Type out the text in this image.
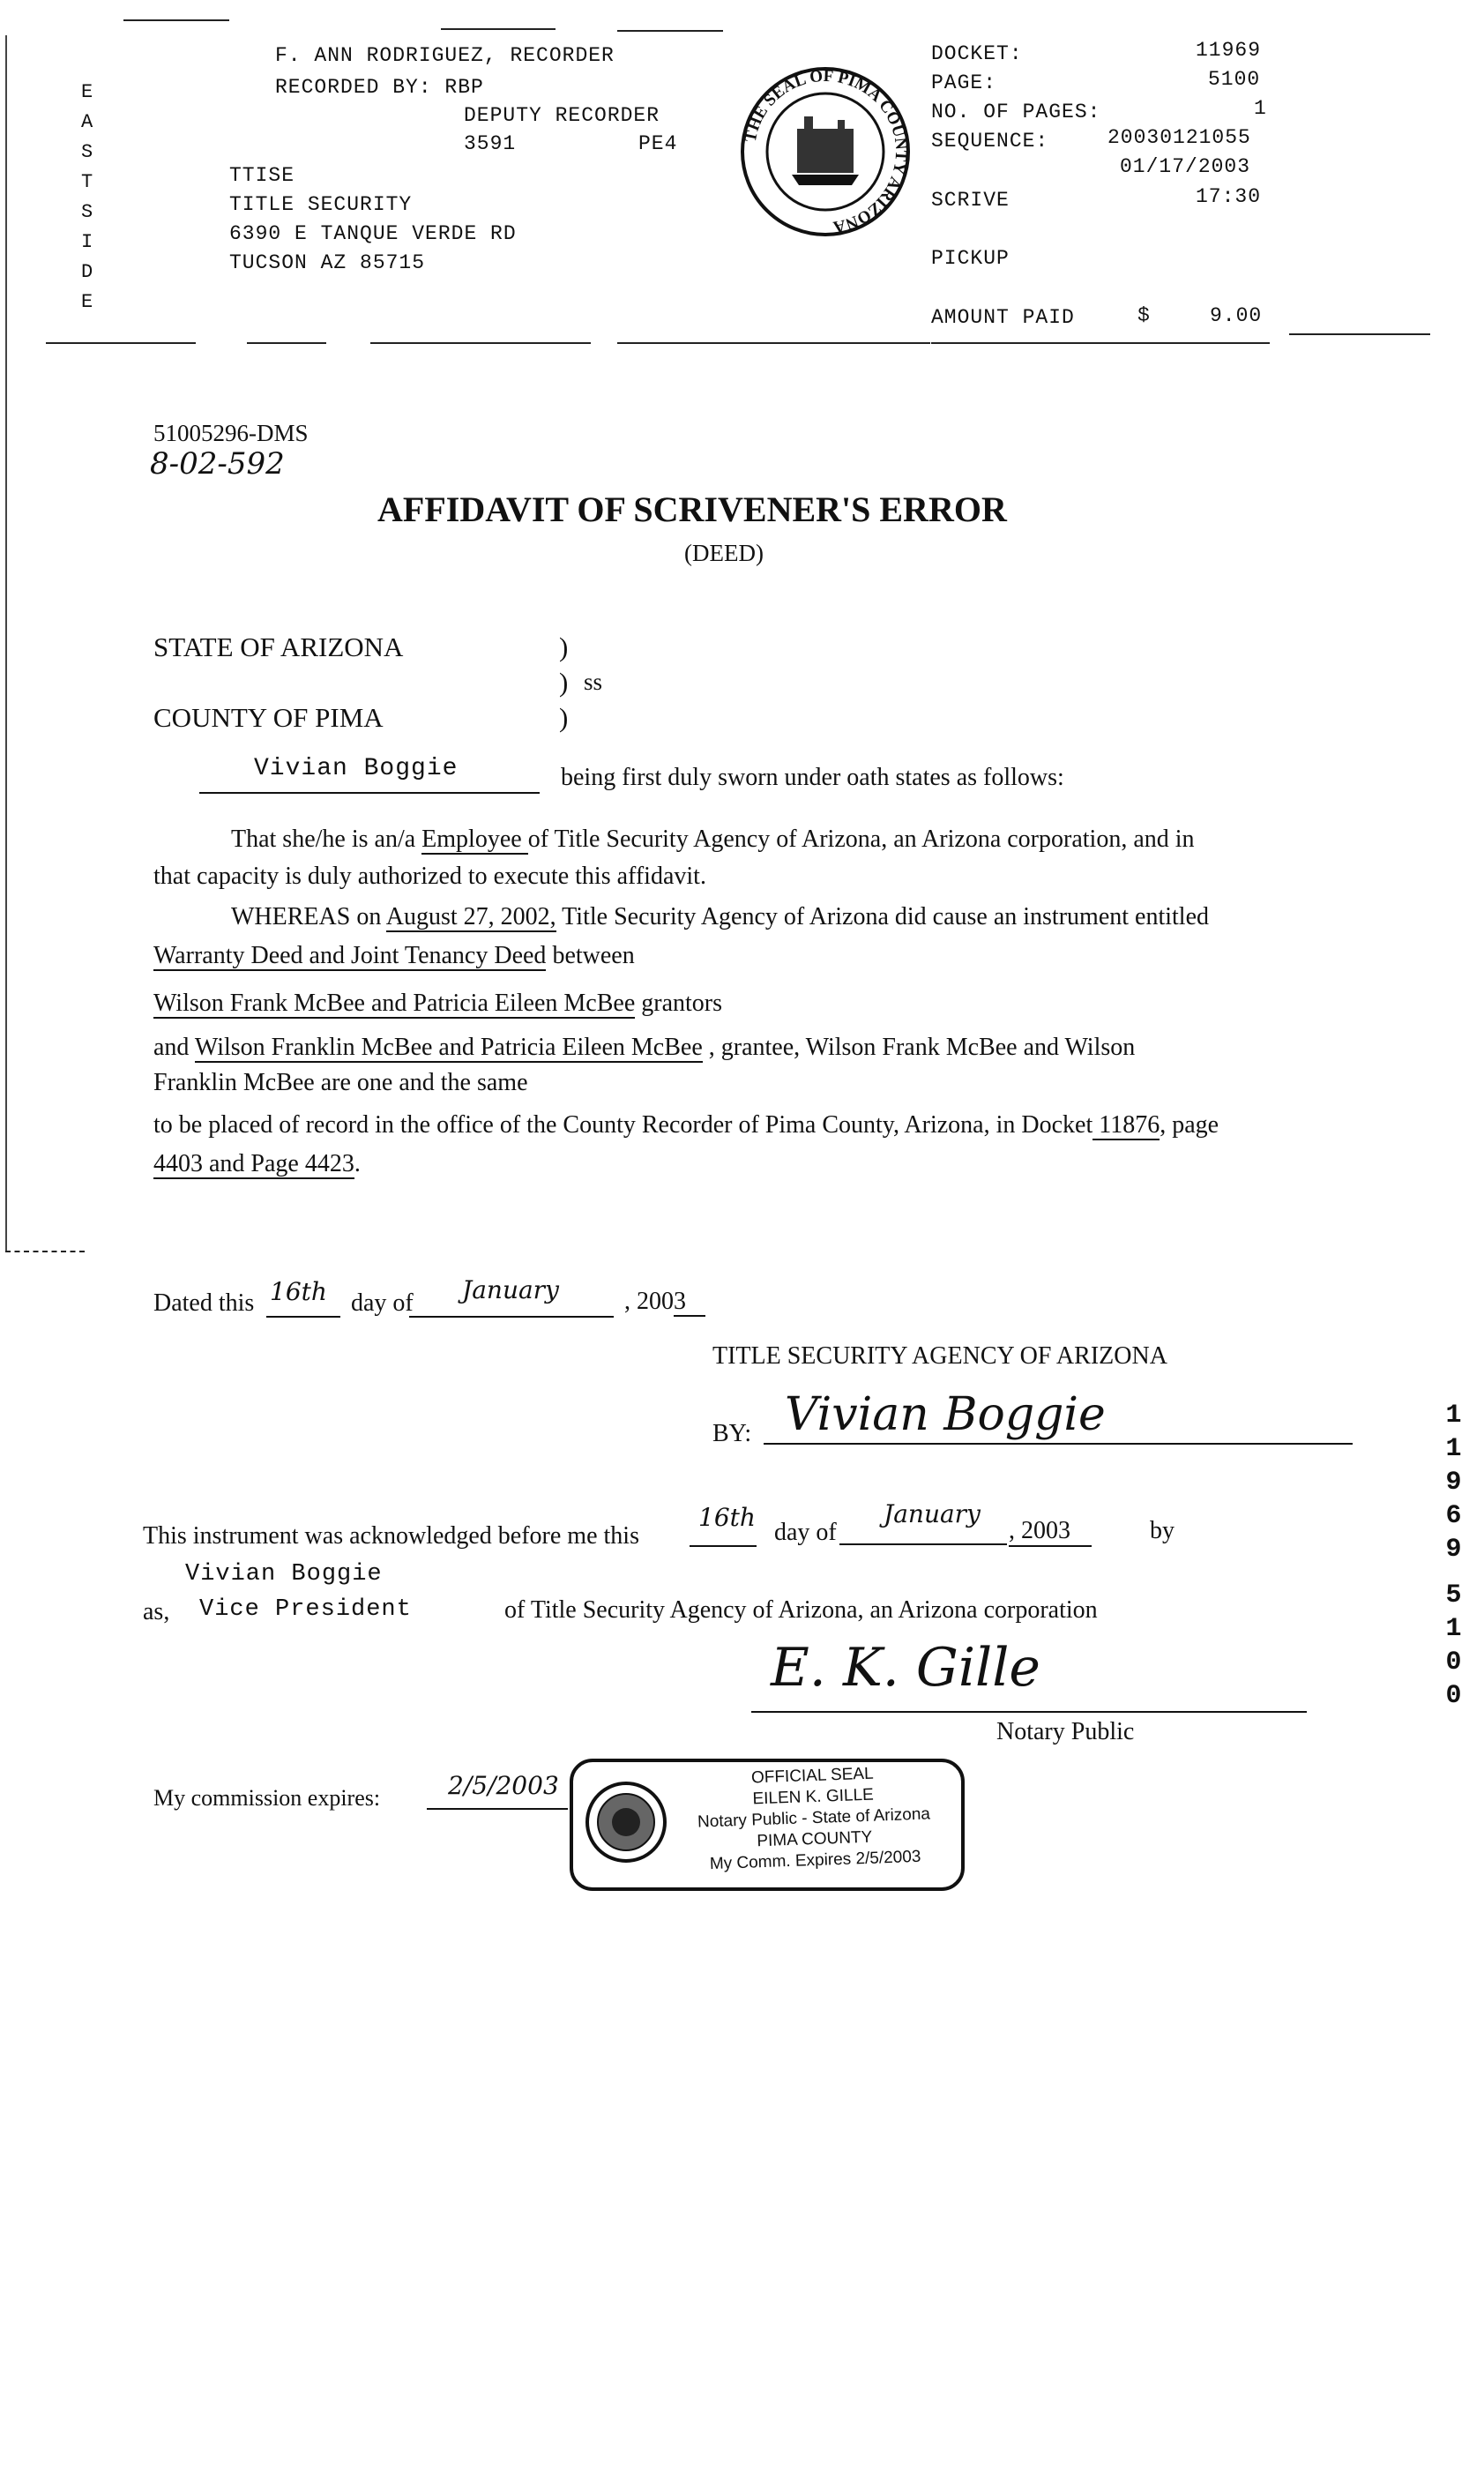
F. ANN RODRIGUEZ, RECORDER
RECORDED BY: RBP
DEPUTY RECORDER
3591	PE4
EASTSIDE
TTISE
TITLE SECURITY
6390 E TANQUE VERDE RD
TUCSON AZ 85715
THE SEAL OF PIMA COUNTY ARIZONA
DOCKET:	11969
PAGE:	5100
NO. OF PAGES:	1
SEQUENCE:	20030121055
01/17/2003
SCRIVE	17:30
PICKUP
AMOUNT PAID	$	9.00
51005296-DMS
8-02-592
AFFIDAVIT OF SCRIVENER'S ERROR
(DEED)
STATE OF ARIZONA	)
) ss
COUNTY OF PIMA	)
Vivian Boggie	being first duly sworn under oath states as follows:
That she/he is an/a Employee of Title Security Agency of Arizona, an Arizona corporation, and in
that capacity is duly authorized to execute this affidavit.
WHEREAS on August 27, 2002, Title Security Agency of Arizona did cause an instrument entitled
Warranty Deed and Joint Tenancy Deed between
Wilson Frank McBee and Patricia Eileen McBee grantors
and Wilson Franklin McBee and Patricia Eileen McBee , grantee, Wilson Frank McBee and Wilson
Franklin McBee are one and the same
to be placed of record in the office of the County Recorder of Pima County, Arizona, in Docket 11876, page
4403 and Page 4423.
Dated this 16th day of January	, 2003
TITLE SECURITY AGENCY OF ARIZONA
BY: Vivian Boggie
This instrument was acknowledged before me this
16th
day of
January
, 2003	by
Vivian Boggie
as, Vice President	of Title Security Agency of Arizona, an Arizona corporation
E. K. Gille
Notary Public
My commission expires:	2/5/2003	OFFICIAL SEAL
EILEN K. GILLE
Notary Public - State of Arizona
PIMA COUNTY
My Comm. Expires 2/5/2003
11969
5100
